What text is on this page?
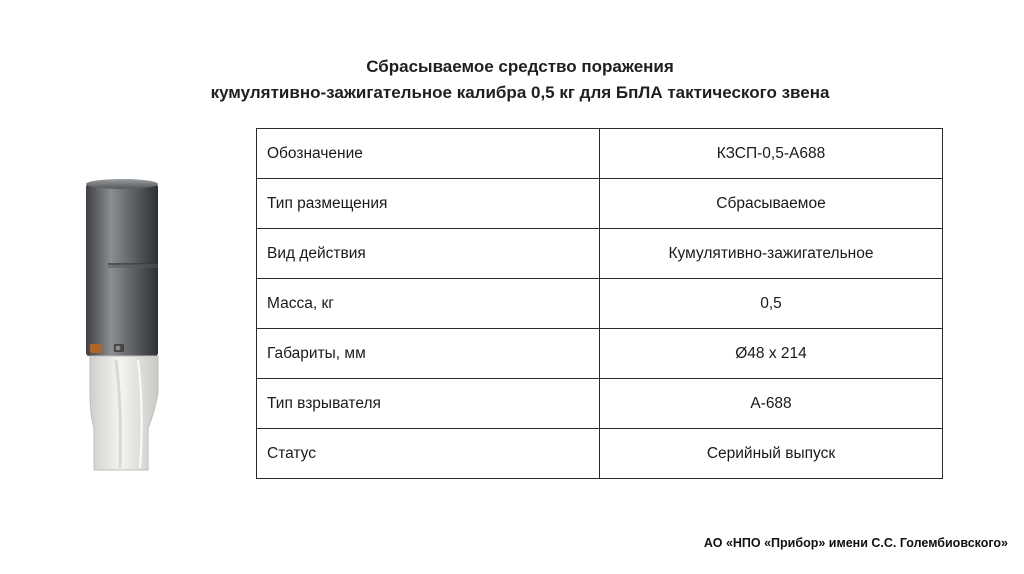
Сбрасываемое средство поражения
кумулятивно-зажигательное калибра 0,5 кг для БпЛА тактического звена
Обозначение	КЗСП-0,5-А688
Тип размещения	Сбрасываемое
Вид действия	Кумулятивно-зажигательное
Масса, кг	0,5
Габариты, мм	Ø48 х 214
Тип взрывателя	А-688
Статус	Серийный выпуск
АО «НПО «Прибор» имени С.С. Голембиовского»
